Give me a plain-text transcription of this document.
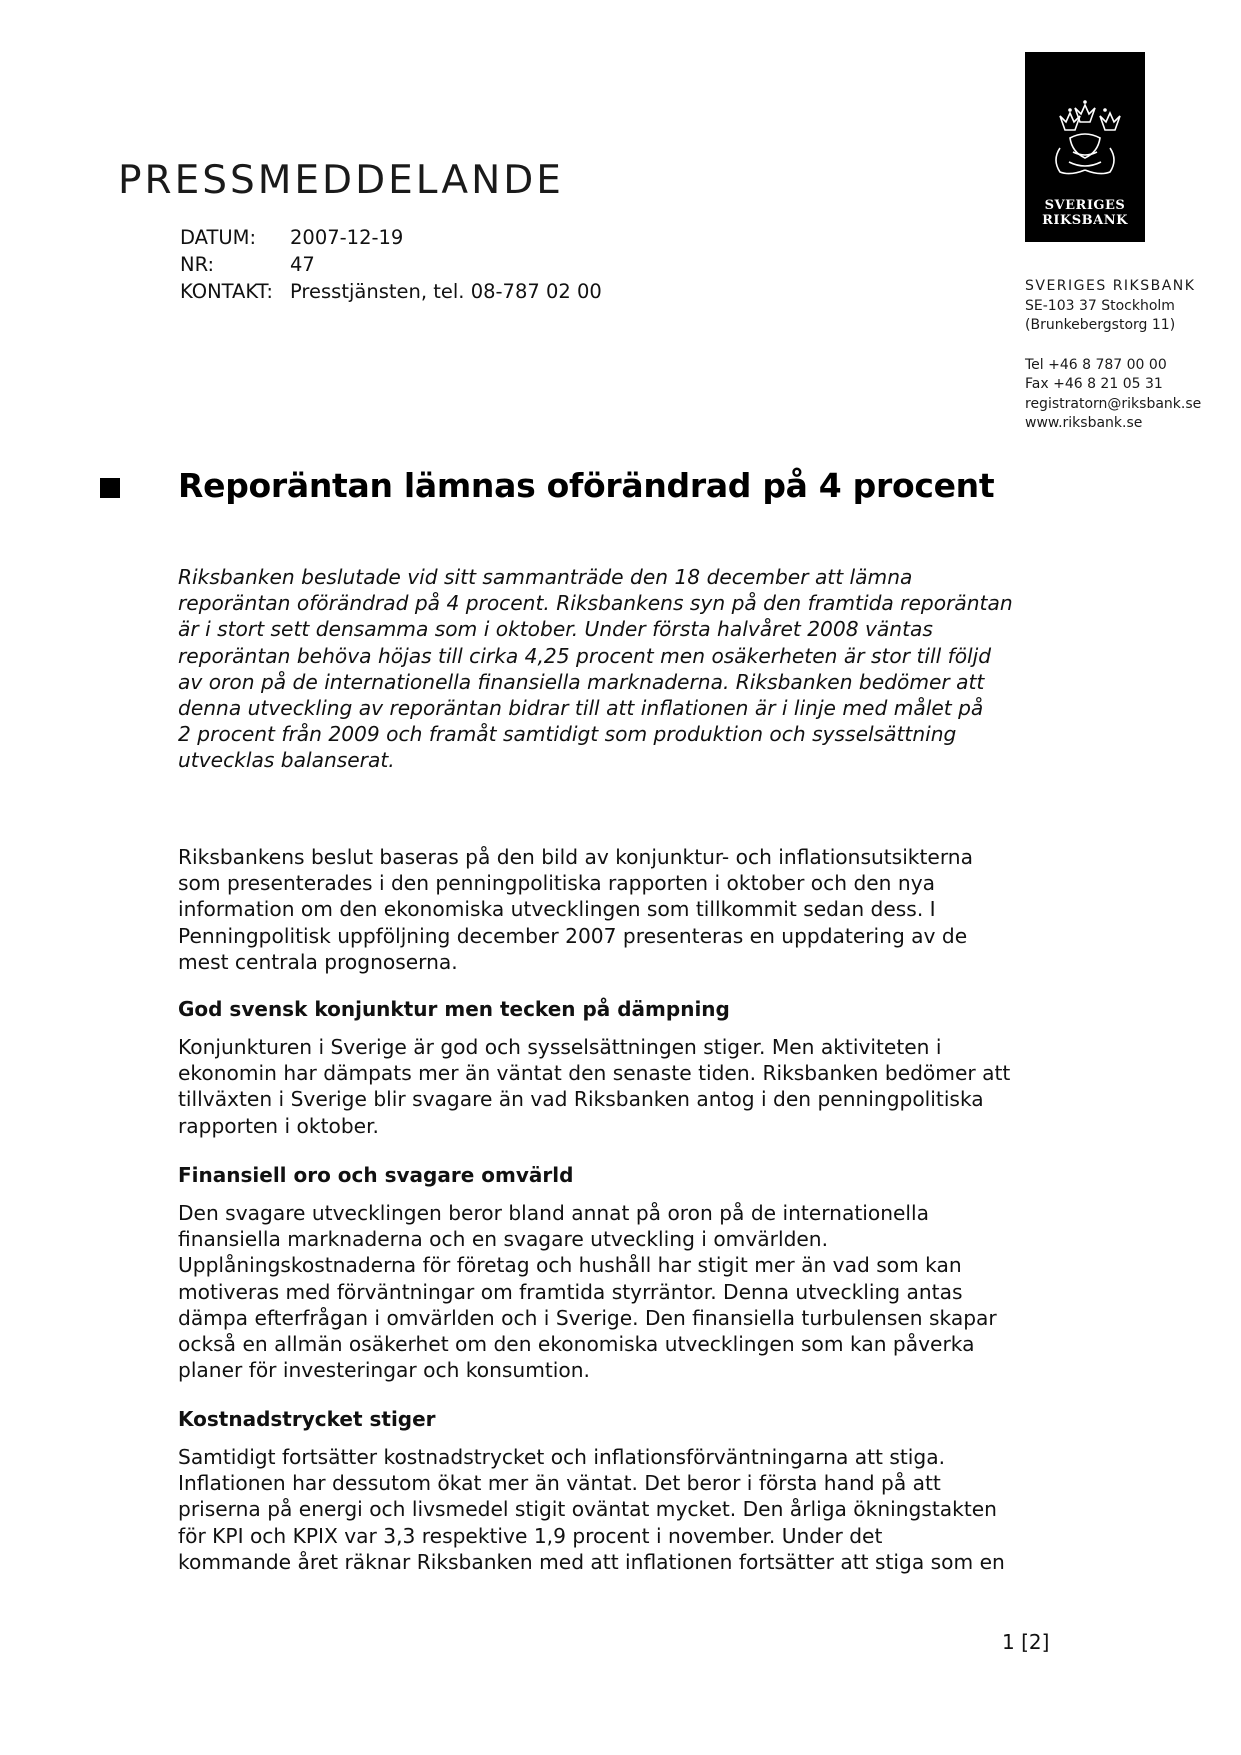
PRESSMEDDELANDE
DATUM:	2007-12-19
NR:	47
KONTAKT: Presstjänsten, tel. 08-787 02 00
SVERIGES
RIKSBANK
SVERIGES RIKSBANK
SE-103 37 Stockholm
(Brunkebergstorg 11)
Tel +46 8 787 00 00
Fax +46 8 21 05 31
registratorn@riksbank.se
www.riksbank.se
Reporäntan lämnas oförändrad på 4 procent
Riksbanken beslutade vid sitt sammanträde den 18 december att lämna
reporäntan oförändrad på 4 procent. Riksbankens syn på den framtida reporäntan
är i stort sett densamma som i oktober. Under första halvåret 2008 väntas
reporäntan behöva höjas till cirka 4,25 procent men osäkerheten är stor till följd
av oron på de internationella finansiella marknaderna. Riksbanken bedömer att
denna utveckling av reporäntan bidrar till att inflationen är i linje med målet på
2 procent från 2009 och framåt samtidigt som produktion och sysselsättning
utvecklas balanserat.
Riksbankens beslut baseras på den bild av konjunktur- och inflationsutsikterna
som presenterades i den penningpolitiska rapporten i oktober och den nya
information om den ekonomiska utvecklingen som tillkommit sedan dess. I
Penningpolitisk uppföljning december 2007 presenteras en uppdatering av de
mest centrala prognoserna.
God svensk konjunktur men tecken på dämpning
Konjunkturen i Sverige är god och sysselsättningen stiger. Men aktiviteten i
ekonomin har dämpats mer än väntat den senaste tiden. Riksbanken bedömer att
tillväxten i Sverige blir svagare än vad Riksbanken antog i den penningpolitiska
rapporten i oktober.
Finansiell oro och svagare omvärld
Den svagare utvecklingen beror bland annat på oron på de internationella
finansiella marknaderna och en svagare utveckling i omvärlden.
Upplåningskostnaderna för företag och hushåll har stigit mer än vad som kan
motiveras med förväntningar om framtida styrräntor. Denna utveckling antas
dämpa efterfrågan i omvärlden och i Sverige. Den finansiella turbulensen skapar
också en allmän osäkerhet om den ekonomiska utvecklingen som kan påverka
planer för investeringar och konsumtion.
Kostnadstrycket stiger
Samtidigt fortsätter kostnadstrycket och inflationsförväntningarna att stiga.
Inflationen har dessutom ökat mer än väntat. Det beror i första hand på att
priserna på energi och livsmedel stigit oväntat mycket. Den årliga ökningstakten
för KPI och KPIX var 3,3 respektive 1,9 procent i november. Under det
kommande året räknar Riksbanken med att inflationen fortsätter att stiga som en
1 [2]
